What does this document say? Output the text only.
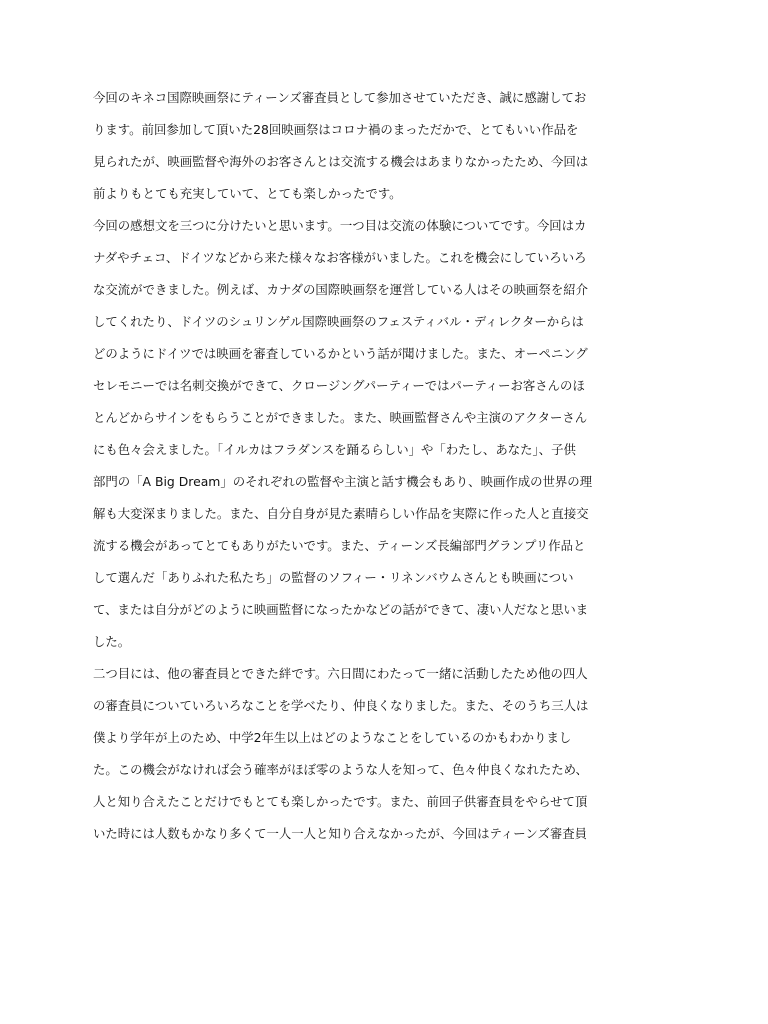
今回のキネコ国際映画祭にティーンズ審査員として参加させていただき、誠に感謝してお
ります。前回参加して頂いた28回映画祭はコロナ禍のまっただかで、とてもいい作品を
見られたが、映画監督や海外のお客さんとは交流する機会はあまりなかったため、今回は
前よりもとても充実していて、とても楽しかったです。
今回の感想文を三つに分けたいと思います。一つ目は交流の体験についてです。今回はカ
ナダやチェコ、ドイツなどから来た様々なお客様がいました。これを機会にしていろいろ
な交流ができました。例えば、カナダの国際映画祭を運営している人はその映画祭を紹介
してくれたり、ドイツのシュリンゲル国際映画祭のフェスティバル・ディレクターからは
どのようにドイツでは映画を審査しているかという話が聞けました。また、オーペニング
セレモニーでは名刺交換ができて、クロージングパーティーではパーティーお客さんのほ
とんどからサインをもらうことができました。また、映画監督さんや主演のアクターさん
にも色々会えました。「イルカはフラダンスを踊るらしい」や「わたし、あなた」、子供
部門の「A Big Dream」のそれぞれの監督や主演と話す機会もあり、映画作成の世界の理
解も大変深まりました。また、自分自身が見た素晴らしい作品を実際に作った人と直接交
流する機会があってとてもありがたいです。また、ティーンズ長編部門グランプリ作品と
して選んだ「ありふれた私たち」の監督のソフィー・リネンバウムさんとも映画につい
て、または自分がどのように映画監督になったかなどの話ができて、凄い人だなと思いま
した。
二つ目には、他の審査員とできた絆です。六日間にわたって一緒に活動したため他の四人
の審査員についていろいろなことを学べたり、仲良くなりました。また、そのうち三人は
僕より学年が上のため、中学2年生以上はどのようなことをしているのかもわかりまし
た。この機会がなければ会う確率がほぼ零のような人を知って、色々仲良くなれたため、
人と知り合えたことだけでもとても楽しかったです。また、前回子供審査員をやらせて頂
いた時には人数もかなり多くて一人一人と知り合えなかったが、今回はティーンズ審査員
